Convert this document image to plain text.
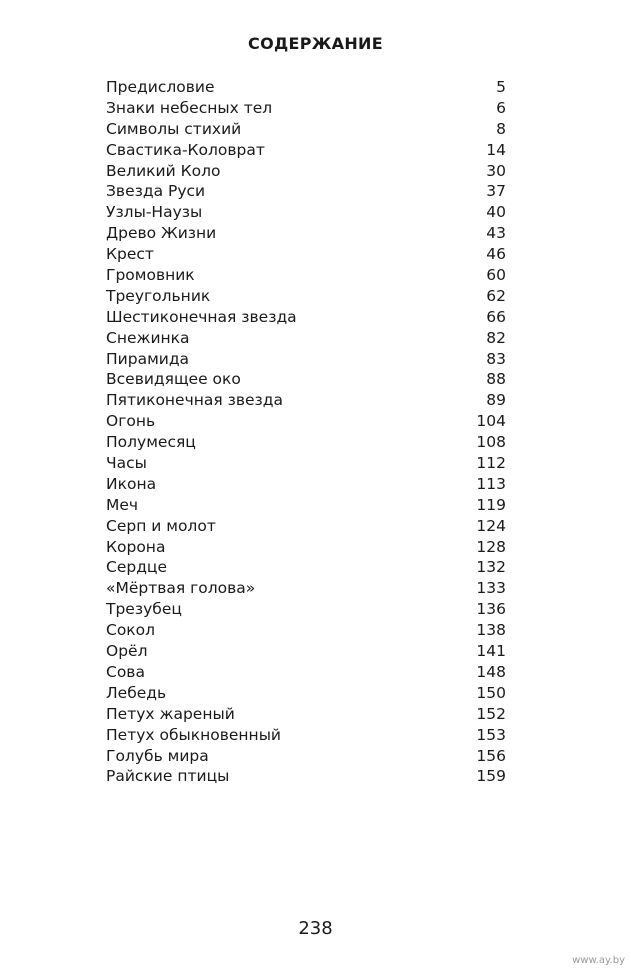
СОДЕРЖАНИЕ
Предисловие	5
Знаки небесных тел	6
Символы стихий	8
Свастика-Коловрат	14
Великий Коло	30
Звезда Руси	37
Узлы-Наузы	40
Древо Жизни	43
Крест	46
Громовник	60
Треугольник	62
Шестиконечная звезда	66
Снежинка	82
Пирамида	83
Всевидящее око	88
Пятиконечная звезда	89
Огонь	104
Полумесяц	108
Часы	112
Икона	113
Меч	119
Серп и молот	124
Корона	128
Сердце	132
«Мёртвая голова»	133
Трезубец	136
Сокол	138
Орёл	141
Сова	148
Лебедь	150
Петух жареный	152
Петух обыкновенный	153
Голубь мира	156
Райские птицы	159
238
www.ay.by
